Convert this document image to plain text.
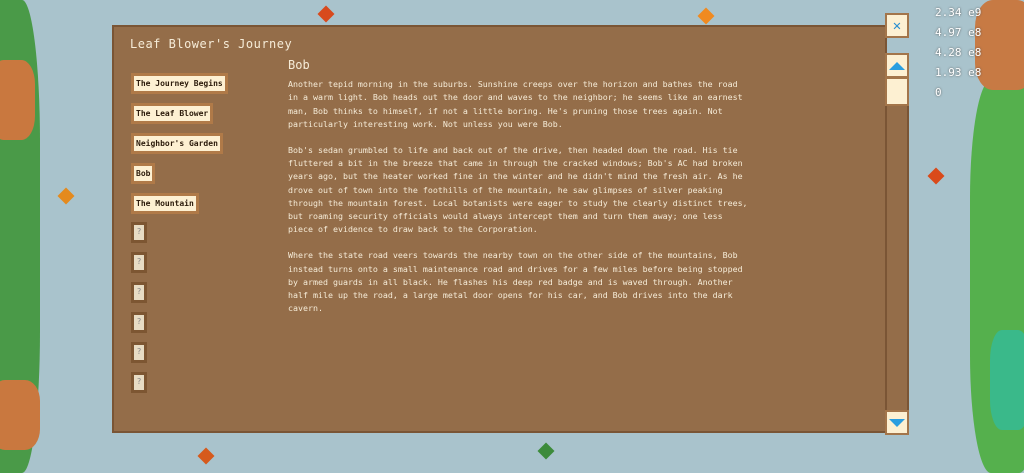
Leaf Blower's Journey
The Journey Begins
The Leaf Blower
Neighbor's Garden
Bob
The Mountain
?
?
?
?
?
?
Bob

Another tepid morning in the suburbs. Sunshine creeps over the horizon and bathes the road in a warm light. Bob heads out the door and waves to the neighbor; he seems like an earnest man, Bob thinks to himself, if not a little boring. He's pruning those trees again. Not particularly interesting work. Not unless you were Bob.

Bob's sedan grumbled to life and back out of the drive, then headed down the road. His tie fluttered a bit in the breeze that came in through the cracked windows; Bob's AC had broken years ago, but the heater worked fine in the winter and he didn't mind the fresh air. As he drove out of town into the foothills of the mountain, he saw glimpses of silver peaking through the mountain forest. Local botanists were eager to study the clearly distinct trees, but roaming security officials would always intercept them and turn them away; one less piece of evidence to draw back to the Corporation.

Where the state road veers towards the nearby town on the other side of the mountains, Bob instead turns onto a small maintenance road and drives for a few miles before being stopped by armed guards in all black. He flashes his deep red badge and is waved through. Another half mile up the road, a large metal door opens for his car, and Bob drives into the dark cavern.

✕
2.34 e9
4.97 e8
4.28 e8
1.93 e8
0
